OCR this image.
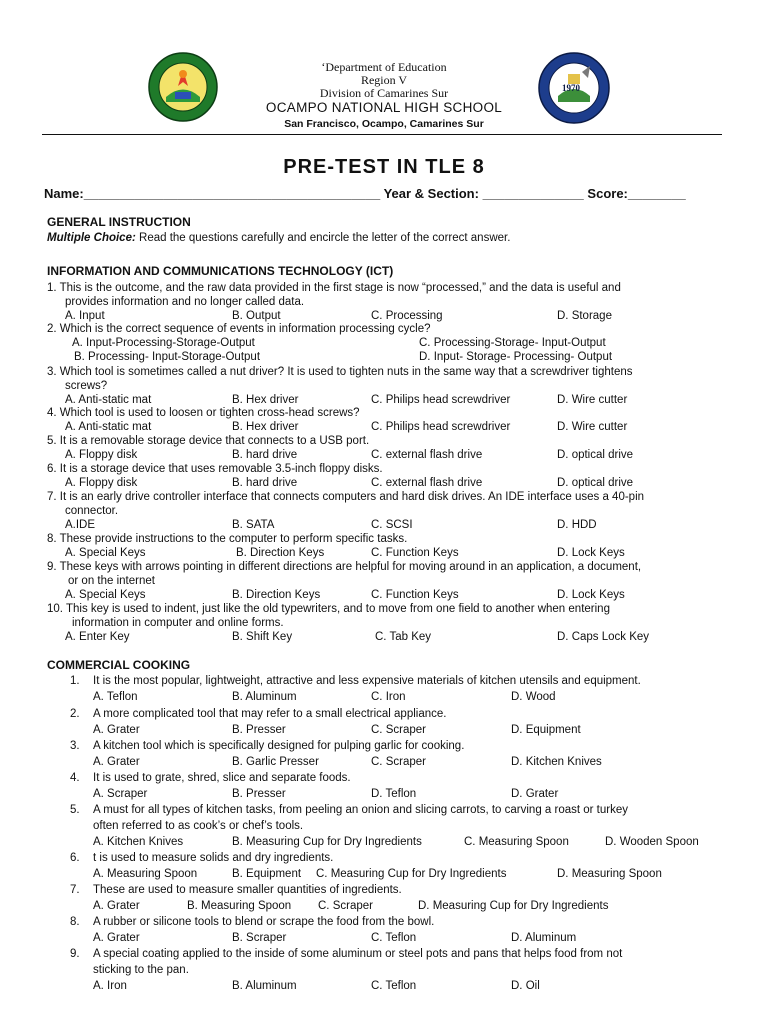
1970
‘Department of Education
Region V
Division of Camarines Sur
OCAMPO NATIONAL HIGH SCHOOL
San Francisco, Ocampo, Camarines Sur
PRE-TEST IN TLE 8
Name:_________________________________________ Year & Section: ______________ Score:________
GENERAL INSTRUCTION
Multiple Choice: Read the questions carefully and encircle the letter of the correct answer.
INFORMATION AND COMMUNICATIONS TECHNOLOGY (ICT)
1. This is the outcome, and the raw data provided in the first stage is now “processed,” and the data is useful and
provides information and no longer called data.
A. Input	B. Output	C. Processing	D. Storage
2. Which is the correct sequence of events in information processing cycle?
A. Input-Processing-Storage-Output	C. Processing-Storage- Input-Output
B. Processing- Input-Storage-Output	D. Input- Storage- Processing- Output
3. Which tool is sometimes called a nut driver? It is used to tighten nuts in the same way that a screwdriver tightens
screws?
A. Anti-static mat	B. Hex driver	C. Philips head screwdriver	D. Wire cutter
4. Which tool is used to loosen or tighten cross-head screws?
A. Anti-static mat	B. Hex driver	C. Philips head screwdriver	D. Wire cutter
5. It is a removable storage device that connects to a USB port.
A. Floppy disk	B. hard drive	C. external flash drive	D. optical drive
6. It is a storage device that uses removable 3.5-inch floppy disks.
A. Floppy disk	B. hard drive	C. external flash drive	D. optical drive
7. It is an early drive controller interface that connects computers and hard disk drives. An IDE interface uses a 40-pin
connector.
A.IDE	B. SATA	C. SCSI	D. HDD
8. These provide instructions to the computer to perform specific tasks.
A. Special Keys	B. Direction Keys	C. Function Keys	D. Lock Keys
9. These keys with arrows pointing in different directions are helpful for moving around in an application, a document,
or on the internet
A. Special Keys	B. Direction Keys	C. Function Keys	D. Lock Keys
10. This key is used to indent, just like the old typewriters, and to move from one field to another when entering
information in computer and online forms.
A. Enter Key	B. Shift Key	C. Tab Key	D. Caps Lock Key
COMMERCIAL COOKING
1. It is the most popular, lightweight, attractive and less expensive materials of kitchen utensils and equipment.
A. Teflon	B. Aluminum	C. Iron	D. Wood
2. A more complicated tool that may refer to a small electrical appliance.
A. Grater	B. Presser	C. Scraper	D. Equipment
3. A kitchen tool which is specifically designed for pulping garlic for cooking.
A. Grater	B. Garlic Presser	C. Scraper	D. Kitchen Knives
4. It is used to grate, shred, slice and separate foods.
A. Scraper	B. Presser	D. Teflon	D. Grater
5. A must for all types of kitchen tasks, from peeling an onion and slicing carrots, to carving a roast or turkey
often referred to as cook’s or chef’s tools.
A. Kitchen Knives	B. Measuring Cup for Dry Ingredients	C. Measuring Spoon	D. Wooden Spoon
6. t is used to measure solids and dry ingredients.
A. Measuring Spoon	B. Equipment C. Measuring Cup for Dry Ingredients	D. Measuring Spoon
7. These are used to measure smaller quantities of ingredients.
A. Grater	B. Measuring Spoon C. Scraper	D. Measuring Cup for Dry Ingredients
8. A rubber or silicone tools to blend or scrape the food from the bowl.
A. Grater	B. Scraper	C. Teflon	D. Aluminum
9. A special coating applied to the inside of some aluminum or steel pots and pans that helps food from not
sticking to the pan.
A. Iron	B. Aluminum	C. Teflon	D. Oil
